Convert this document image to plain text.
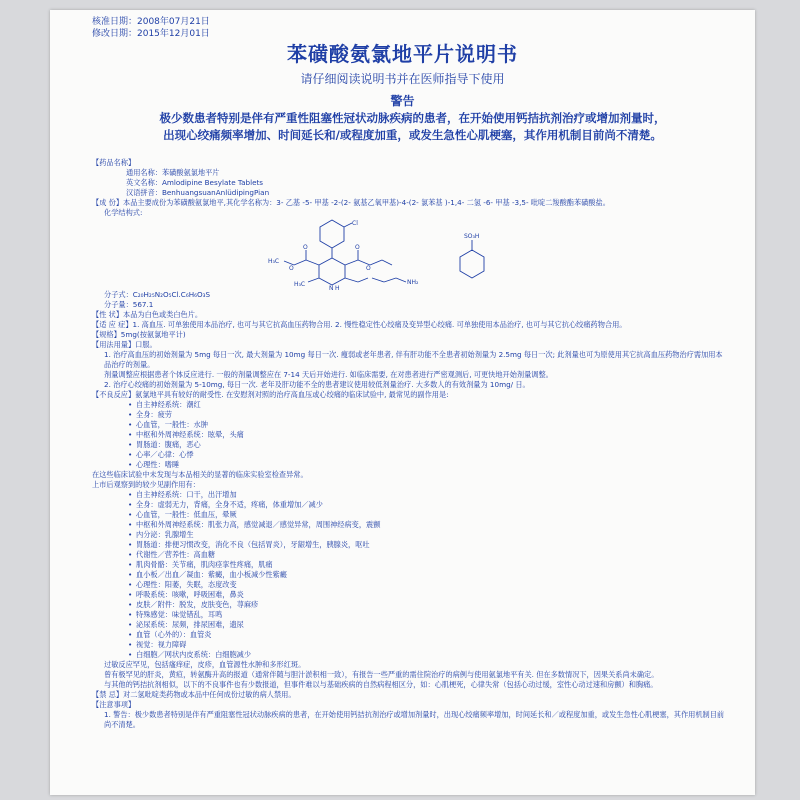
核准日期：2008年07月21日
修改日期：2015年12月01日
苯磺酸氨氯地平片说明书
请仔细阅读说明书并在医师指导下使用
警告
极少数患者特别是伴有严重性阻塞性冠状动脉疾病的患者，在开始使用钙拮抗剂治疗或增加剂量时，
出现心绞痛频率增加、时间延长和/或程度加重，或发生急性心肌梗塞，其作用机制目前尚不清楚。

【药品名称】

通用名称：苯磺酸氨氯地平片

英文名称：Amlodipine Besylate Tablets

汉语拼音：BenhuangsuanAnlüdipingPian

【成 份】本品主要成份为苯磺酸氨氯地平,其化学名称为：3- 乙基 -5- 甲基 -2-(2- 氨基乙氧甲基)-4-(2- 氯苯基 )-1,4- 二氢 -6- 甲基 -3,5- 吡啶二羧酸酯苯磺酸盐。

化学结构式:

Cl
H₃C
O
O
O
O
H₃C
N H
NH₂
SO₃H

分子式：C₂₀H₂₅N₂O₅Cl.C₆H₆O₃S

分子量：567.1

【性 状】本品为白色或类白色片。

【适 应 症】1. 高血压. 可单独使用本品治疗, 也可与其它抗高血压药物合用. 2. 慢性稳定性心绞痛及变异型心绞痛. 可单独使用本品治疗, 也可与其它抗心绞痛药物合用。

【规格】5mg(按氨氯地平计)

【用法用量】口服。

1. 治疗高血压的初始剂量为 5mg 每日一次, 最大剂量为 10mg 每日一次. 瘦弱或老年患者, 伴有肝功能不全患者初始剂量为 2.5mg 每日一次; 此剂量也可为原使用其它抗高血压药物治疗需加用本品治疗的剂量。

剂量调整应根据患者个体反应进行. 一般的剂量调整应在 7-14 天后开始进行. 如临床需要, 在对患者进行严密观测后, 可更快地开始剂量调整。

2. 治疗心绞痛的初始剂量为 5-10mg, 每日一次. 老年及肝功能不全的患者建议使用较低剂量治疗. 大多数人的有效剂量为 10mg/ 日。

【不良反应】氨氯地平具有较好的耐受性. 在安慰剂对照的治疗高血压或心绞痛的临床试验中, 最常见的副作用是:

• 自主神经系统：潮红

• 全身：疲劳

• 心血管，一般性：水肿

• 中枢和外周神经系统：眩晕，头痛

• 胃肠道：腹痛，恶心

• 心率／心律：心悸

• 心理性：嗜睡

在这些临床试验中未发现与本品相关的显著的临床实验室检查异常。

上市后观察到的较少见副作用有：

• 自主神经系统：口干，出汗增加

• 全身：虚弱无力，背痛，全身不适，疼痛，体重增加／减少

• 心血管，一般性：低血压，晕厥

• 中枢和外周神经系统：肌张力高，感觉减退／感觉异常，周围神经病变，震颤

• 内分泌：乳腺增生

• 胃肠道：排便习惯改变，消化不良（包括胃炎），牙龈增生，胰腺炎，呕吐

• 代谢性／营养性：高血糖

• 肌肉骨骼：关节痛，肌肉痉挛性疼痛，肌痛

• 血小板／出血／凝血：紫癜，血小板减少性紫癜

• 心理性：阳萎，失眠，态度改变

• 呼吸系统：咳嗽，呼吸困难，鼻炎

• 皮肤／附件：脱发，皮肤变色，荨麻疹

• 特殊感觉：味觉错乱，耳鸣

• 泌尿系统：尿频，排尿困难，遗尿

• 血管（心外的）：血管炎

• 视觉：视力障碍

• 白细胞／网状内皮系统：白细胞减少

过敏反应罕见，包括瘙痒症，皮疹，血管源性水肿和多形红斑。

曾有极罕见的肝炎，黄疸，转氨酶升高的报道（通常伴随与胆汁淤积相一致），有报告一些严重的需住院治疗的病例与使用氨氯地平有关. 但在多数情况下，因果关系尚未确定。

与其他的钙拮抗剂相似，以下的不良事件也有少数报道，但事件难以与基础疾病的自然病程相区分，如：心肌梗死，心律失常（包括心动过缓，室性心动过速和房颤）和胸痛。

【禁 忌】对二氢吡啶类药物或本品中任何成份过敏的病人禁用。

【注意事项】

1. 警告：极少数患者特别是伴有严重阻塞性冠状动脉疾病的患者，在开始使用钙拮抗剂治疗或增加剂量时，出现心绞痛频率增加，时间延长和／或程度加重，或发生急性心肌梗塞，其作用机制目前尚不清楚。
